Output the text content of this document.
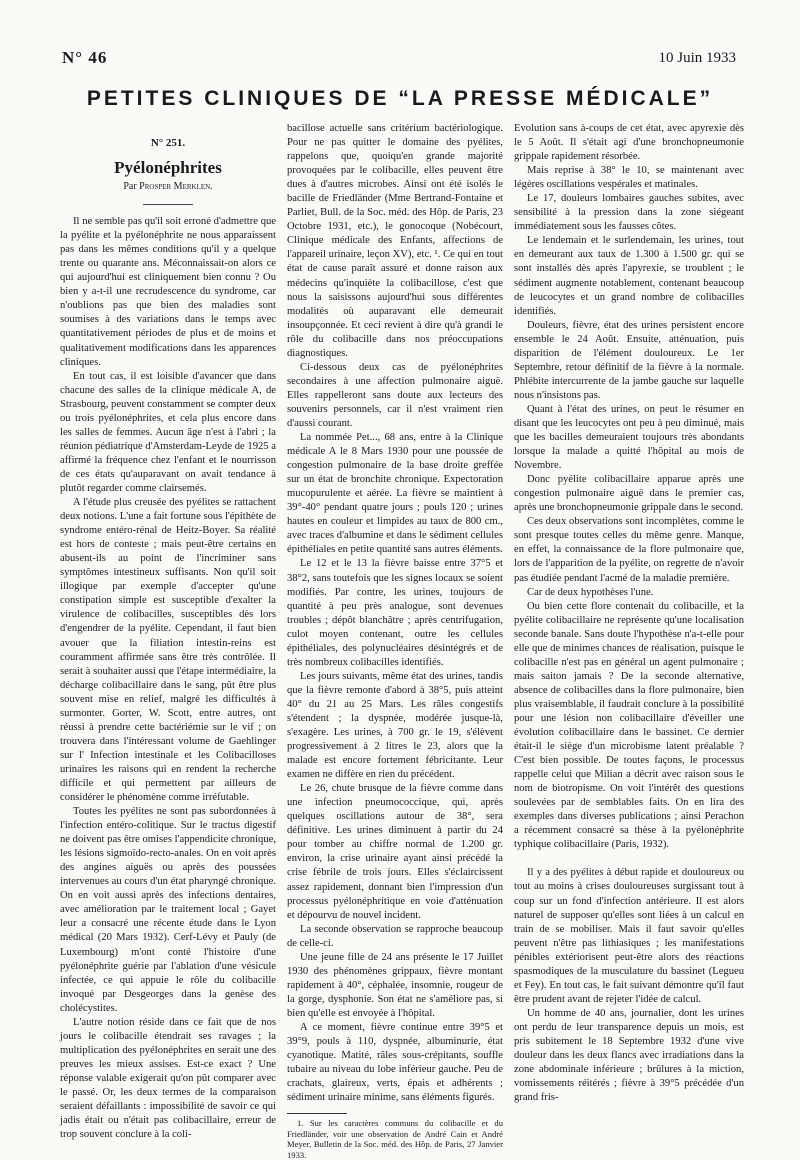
N° 46	10 Juin 1933
PETITES CLINIQUES DE “LA PRESSE MÉDICALE”
N° 251.
Pyélonéphrites
Par Prosper Merklen.

Il ne semble pas qu'il soit erroné d'admettre que la pyélite et la pyélonéphrite ne nous apparaissent pas dans les mêmes conditions qu'il y a quelque trente ou quarante ans. Méconnaissait-on alors ce qui aujourd'hui est cliniquement bien connu ? Ou bien y a-t-il une recrudescence du syndrome, car n'oublions pas que bien des maladies sont soumises à des variations dans le temps avec quantitativement périodes de plus et de moins et qualitativement modifications dans les apparences cliniques.

En tout cas, il est loisible d'avancer que dans chacune des salles de la clinique médicale A, de Strasbourg, peuvent constamment se compter deux ou trois pyélonéphrites, et cela plus encore dans les salles de femmes. Aucun âge n'est à l'abri ; la réunion pédiatrique d'Amsterdam-Leyde de 1925 a affirmé la fréquence chez l'enfant et le nourrisson de ces états qu'auparavant on avait tendance à plutôt regarder comme clairsemés.

A l'étude plus creusée des pyélites se rattachent deux notions. L'une a fait fortune sous l'épithète de syndrome entéro-rénal de Heitz-Boyer. Sa réalité est hors de conteste ; mais peut-être certains en abusent-ils au point de l'incriminer sans symptômes intestineux suffisants. Non qu'il soit illogique par exemple d'accepter qu'une constipation simple est susceptible d'exalter la virulence de colibacilles, susceptibles dès lors d'engendrer de la pyélite. Cependant, il faut bien avouer que la filiation intestin-reins est couramment affirmée sans être très contrôlée. Il serait à souhaiter aussi que l'étape intermédiaire, la décharge colibacillaire dans le sang, pût être plus souvent mise en relief, malgré les difficultés à surmonter. Gorter, W. Scott, entre autres, ont réussi à prendre cette bactériémie sur le vif ; on trouvera dans l'intéressant volume de Gaehlinger sur l' Infection intestinale et les Colibacilloses urinaires les raisons qui en rendent la recherche difficile et qui permettent par ailleurs de considérer le phénomène comme irréfutable.

Toutes les pyélites ne sont pas subordonnées à l'infection entéro-colitique. Sur le tractus digestif ne doivent pas être omises l'appendicite chronique, les lésions sigmoïdo-recto-anales. On en voit après des angines aiguës ou après des poussées intervenues au cours d'un état pharyngé chronique. On en voit aussi après des infections dentaires, avec amélioration par le traitement local ; Gayet leur a consacré une récente étude dans le Lyon médical (20 Mars 1932). Cerf-Lévy et Pauly (de Luxembourg) m'ont conté l'histoire d'une pyélonéphrite guérie par l'ablation d'une vésicule infectée, ce qui appuie le rôle du colibacille invoqué par Desgeorges dans la genèse des cholécystites.

L'autre notion réside dans ce fait que de nos jours le colibacille étendrait ses ravages ; la multiplication des pyélonéphrites en serait une des preuves les mieux assises. Est-ce exact ? Une réponse valable exigerait qu'on pût comparer avec le passé. Or, les deux termes de la comparaison seraient défaillants : impossibilité de savoir ce qui jadis était ou n'était pas colibacillaire, erreur de trop souvent conclure à la coli-

bacillose actuelle sans critérium bactériologique. Pour ne pas quitter le domaine des pyélites, rappelons que, quoiqu'en grande majorité provoquées par le colibacille, elles peuvent être dues à d'autres microbes. Ainsi ont été isolés le bacille de Friedländer (Mme Bertrand-Fontaine et Parliet, Bull. de la Soc. méd. des Hôp. de Paris, 23 Octobre 1931, etc.), le gonocoque (Nobécourt, Clinique médicale des Enfants, affections de l'appareil urinaire, leçon XV), etc. ¹. Ce qui en tout état de cause paraît assuré et donne raison aux médecins qu'inquiète la colibacillose, c'est que nous la saisissons aujourd'hui sous différentes modalités où auparavant elle demeurait insoupçonnée. Et ceci revient à dire qu'à grandi le rôle du colibacille dans nos préoccupations diagnostiques.

Ci-dessous deux cas de pyélonéphrites secondaires à une affection pulmonaire aiguë. Elles rappelleront sans doute aux lecteurs des souvenirs personnels, car il n'est vraiment rien d'aussi courant.

La nommée Pet..., 68 ans, entre à la Clinique médicale A le 8 Mars 1930 pour une poussée de congestion pulmonaire de la base droite greffée sur un état de bronchite chronique. Expectoration mucopurulente et aérée. La fièvre se maintient à 39°-40° pendant quatre jours ; pouls 120 ; urines hautes en couleur et limpides au taux de 800 cm., avec traces d'albumine et dans le sédiment cellules épithéliales en petite quantité sans autres éléments.

Le 12 et le 13 la fièvre baisse entre 37°5 et 38°2, sans toutefois que les signes locaux se soient modifiés. Par contre, les urines, toujours de quantité à peu près analogue, sont devenues troubles ; dépôt blanchâtre ; après centrifugation, culot moyen contenant, outre les cellules épithéliales, des polynucléaires désintégrés et de très nombreux colibacilles identifiés.

Les jours suivants, même état des urines, tandis que la fièvre remonte d'abord à 38°5, puis atteint 40° du 21 au 25 Mars. Les râles congestifs s'étendent ; la dyspnée, modérée jusque-là, s'exagère. Les urines, à 700 gr. le 19, s'élèvent progressivement à 2 litres le 23, alors que la malade est encore fortement fébricitante. Leur examen ne diffère en rien du précédent.

Le 26, chute brusque de la fièvre comme dans une infection pneumococcique, qui, après quelques oscillations autour de 38°, sera définitive. Les urines diminuent à partir du 24 pour tomber au chiffre normal de 1.200 gr. environ, la crise urinaire ayant ainsi précédé la crise fébrile de trois jours. Elles s'éclaircissent assez rapidement, donnant bien l'impression d'un processus pyélonéphritique en voie d'atténuation et dépourvu de nouvel incident.

La seconde observation se rapproche beaucoup de celle-ci.

Une jeune fille de 24 ans présente le 17 Juillet 1930 des phénomènes grippaux, fièvre montant rapidement à 40°, céphalée, insomnie, rougeur de la gorge, dysphonie. Son état ne s'améliore pas, si bien qu'elle est envoyée à l'hôpital.

A ce moment, fièvre continue entre 39°5 et 39°9, pouls à 110, dyspnée, albuminurie, état cyanotique. Matité, râles sous-crépitants, souffle tubaire au niveau du lobe inférieur gauche. Peu de crachats, glaireux, verts, épais et adhérents ; sédiment urinaire minime, sans éléments figurés.

1. Sur les caractères communs du colibacille et du Friedländer, voir une observation de André Cain et André Meyer, Bulletin de la Soc. méd. des Hôp. de Paris, 27 Janvier 1933.

Evolution sans à-coups de cet état, avec apyrexie dès le 5 Août. Il s'était agi d'une bronchopneumonie grippale rapidement résorbée.

Mais reprise à 38° le 10, se maintenant avec légères oscillations vespérales et matinales.

Le 17, douleurs lombaires gauches subites, avec sensibilité à la pression dans la zone siégeant immédiatement sous les fausses côtes.

Le lendemain et le surlendemain, les urines, tout en demeurant aux taux de 1.300 à 1.500 gr. qui se sont installés dès après l'apyrexie, se troublent ; le sédiment augmente notablement, contenant beaucoup de leucocytes et un grand nombre de colibacilles identifiés.

Douleurs, fièvre, état des urines persistent encore ensemble le 24 Août. Ensuite, atténuation, puis disparition de l'élément douloureux. Le 1er Septembre, retour définitif de la fièvre à la normale. Phlébite intercurrente de la jambe gauche sur laquelle nous n'insistons pas.

Quant à l'état des urines, on peut le résumer en disant que les leucocytes ont peu à peu diminué, mais que les bacilles demeuraient toujours très abondants lorsque la malade a quitté l'hôpital au mois de Novembre.

Donc pyélite colibacillaire apparue après une congestion pulmonaire aiguë dans le premier cas, après une bronchopneumonie grippale dans le second.

Ces deux observations sont incomplètes, comme le sont presque toutes celles du même genre. Manque, en effet, la connaissance de la flore pulmonaire que, lors de l'apparition de la pyélite, on regrette de n'avoir pas étudiée pendant l'acmé de la maladie première.

Car de deux hypothèses l'une.

Ou bien cette flore contenait du colibacille, et la pyélite colibacillaire ne représente qu'une localisation seconde banale. Sans doute l'hypothèse n'a-t-elle pour elle que de minimes chances de réalisation, puisque le colibacille n'est pas en général un agent pulmonaire ; mais saiton jamais ? De la seconde alternative, absence de colibacilles dans la flore pulmonaire, bien plus vraisemblable, il faudrait conclure à la possibilité pour une lésion non colibacillaire d'éveiller une évolution colibacillaire dans le bassinet. Ce dernier était-il le siège d'un microbisme latent préalable ? C'est bien possible. De toutes façons, le processus rappelle celui que Milian a décrit avec raison sous le nom de biotropisme. On voit l'intérêt des questions soulevées par de semblables faits. On en lira des exemples dans diverses publications ; ainsi Perachon a récemment consacré sa thèse à la pyélonéphrite typhique colibacillaire (Paris, 1932).

Il y a des pyélites à début rapide et douloureux ou tout au moins à crises douloureuses surgissant tout à coup sur un fond d'infection antérieure. Il est alors naturel de supposer qu'elles sont liées à un calcul en train de se mobiliser. Mais il faut savoir qu'elles peuvent n'être pas lithiasiques ; les manifestations pénibles extériorisent peut-être alors des réactions spasmodiques de la musculature du bassinet (Legueu et Fey). En tout cas, le fait suivant démontre qu'il faut être prudent avant de rejeter l'idée de calcul.

Un homme de 40 ans, journalier, dont les urines ont perdu de leur transparence depuis un mois, est pris subitement le 18 Septembre 1932 d'une vive douleur dans les deux flancs avec irradiations dans la zone abdominale inférieure ; brûlures à la miction, vomissements réitérés ; fièvre à 39°5 précédée d'un grand fris-
